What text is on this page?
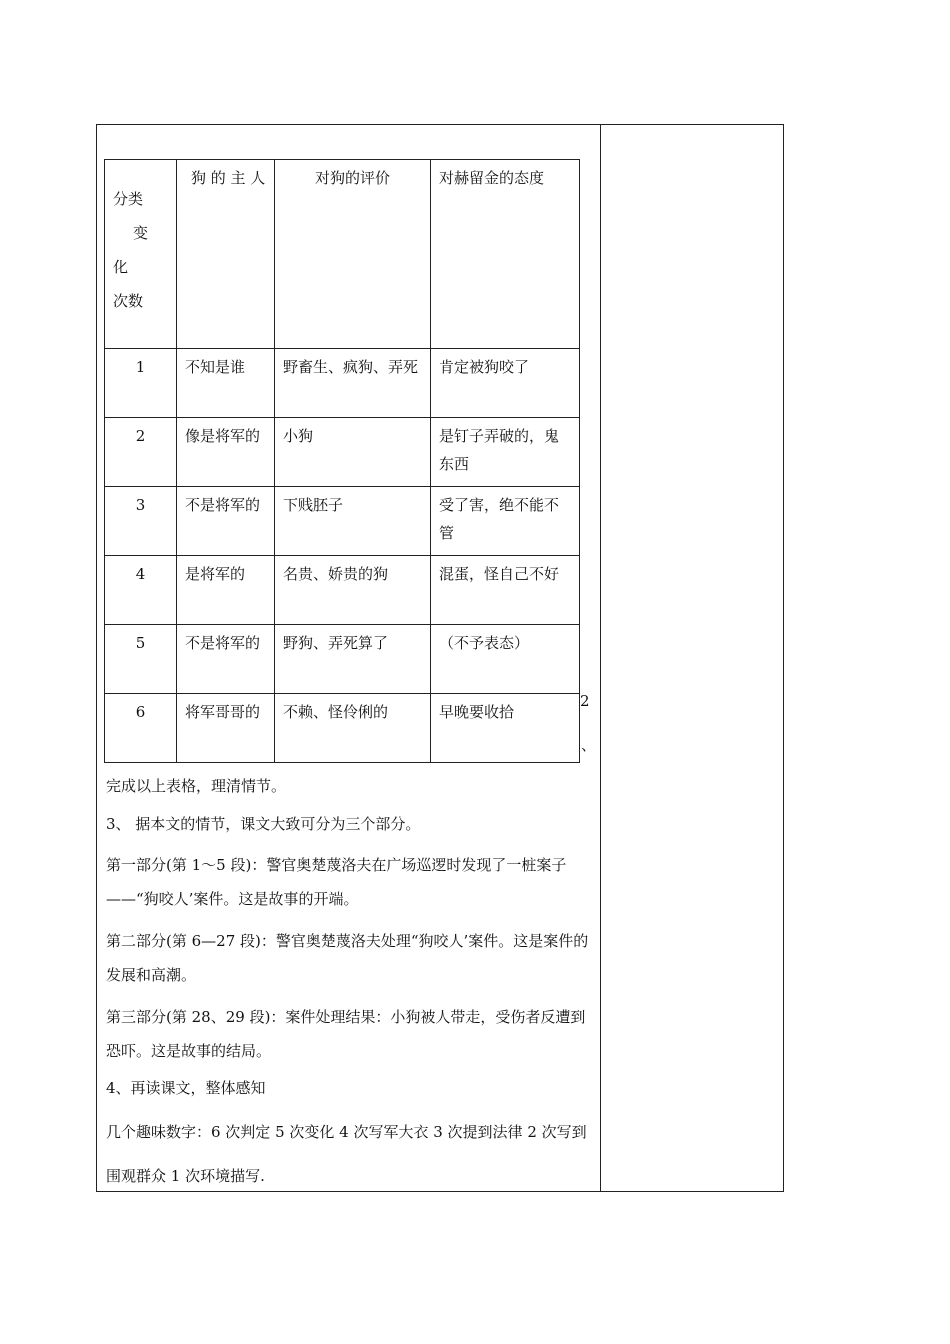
分类
变
化
次数	狗 的 主 人	对狗的评价	对赫留金的态度
1	不知是谁	野畜生、疯狗、弄死	肯定被狗咬了
2	像是将军的	小狗	是钉子弄破的，鬼东西
3	不是将军的	下贱胚子	受了害，绝不能不管
4	是将军的	名贵、娇贵的狗	混蛋，怪自己不好
5	不是将军的	野狗、弄死算了	（不予表态）
6	将军哥哥的	不赖、怪伶俐的	早晚要收拾
2
、
完成以上表格，理清情节。
3、 据本文的情节，课文大致可分为三个部分。
第一部分(第 1～5 段)：警官奥楚蔑洛夫在广场巡逻时发现了一桩案子——“狗咬人’案件。这是故事的开端。
第二部分(第 6—27 段)：警官奥楚蔑洛夫处理“狗咬人’案件。这是案件的发展和高潮。
第三部分(第 28、29 段)：案件处理结果：小狗被人带走，受伤者反遭到恐吓。这是故事的结局。
4、再读课文，整体感知
几个趣味数字：6 次判定 5 次变化 4 次写军大衣 3 次提到法律 2 次写到围观群众 1 次环境描写.
